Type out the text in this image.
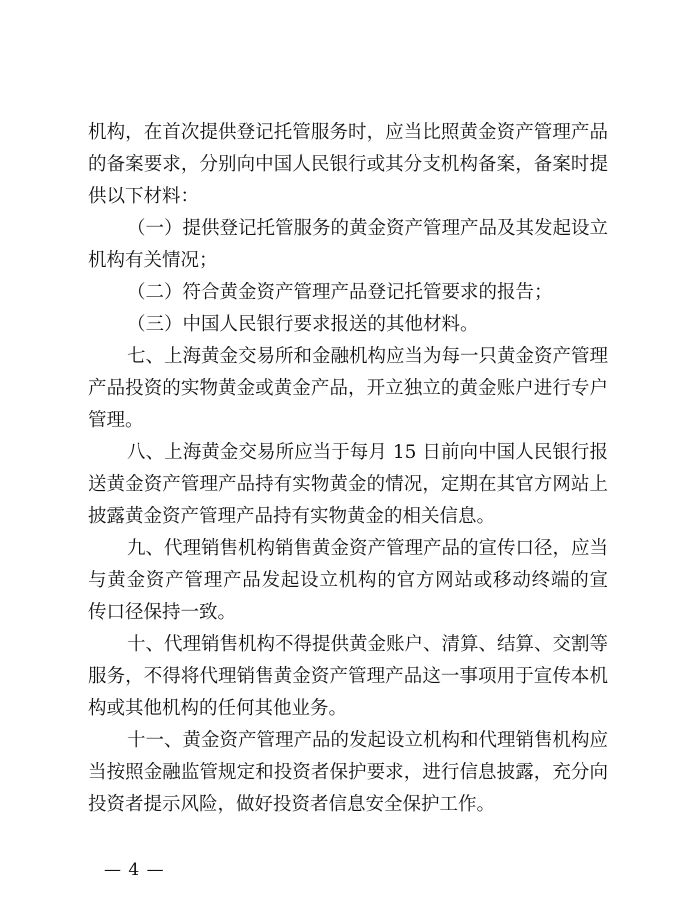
机构，在首次提供登记托管服务时，应当比照黄金资产管理产品
的备案要求，分别向中国人民银行或其分支机构备案，备案时提
供以下材料：
（一）提供登记托管服务的黄金资产管理产品及其发起设立
机构有关情况；
（二）符合黄金资产管理产品登记托管要求的报告；
（三）中国人民银行要求报送的其他材料。
七、上海黄金交易所和金融机构应当为每一只黄金资产管理
产品投资的实物黄金或黄金产品，开立独立的黄金账户进行专户
管理。
八、上海黄金交易所应当于每月 15 日前向中国人民银行报
送黄金资产管理产品持有实物黄金的情况，定期在其官方网站上
披露黄金资产管理产品持有实物黄金的相关信息。
九、代理销售机构销售黄金资产管理产品的宣传口径，应当
与黄金资产管理产品发起设立机构的官方网站或移动终端的宣
传口径保持一致。
十、代理销售机构不得提供黄金账户、清算、结算、交割等
服务，不得将代理销售黄金资产管理产品这一事项用于宣传本机
构或其他机构的任何其他业务。
十一、黄金资产管理产品的发起设立机构和代理销售机构应
当按照金融监管规定和投资者保护要求，进行信息披露，充分向
投资者提示风险，做好投资者信息安全保护工作。
— 4 —
